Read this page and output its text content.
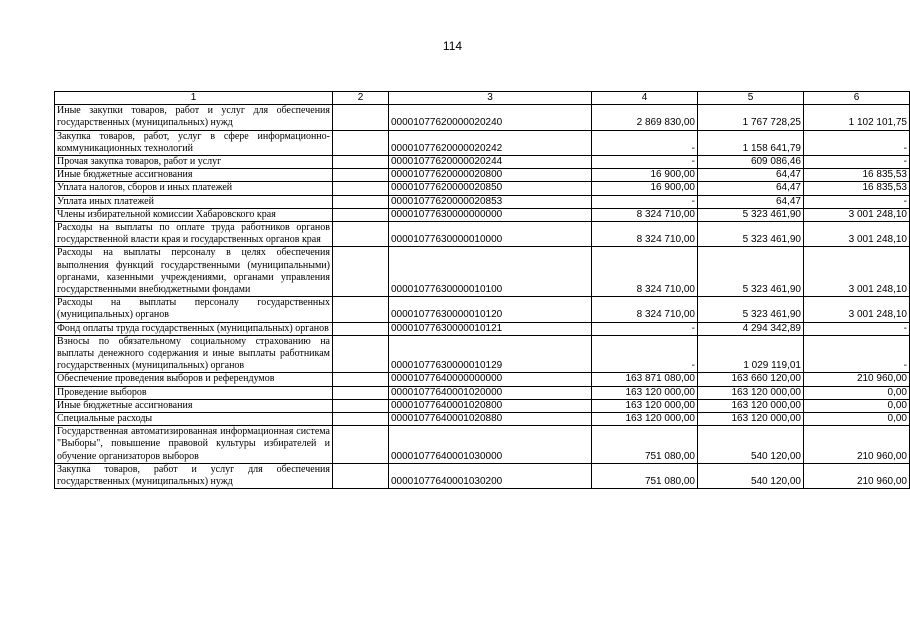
114
1	2	3	4	5	6
Иные закупки товаров, работ и услуг для обеспечения государственных (муниципальных) нужд		00001077620000020240	2 869 830,00	1 767 728,25	1 102 101,75
Закупка товаров, работ, услуг в сфере информационно-коммуникационных технологий		00001077620000020242	-	1 158 641,79	-
Прочая закупка товаров, работ и услуг		00001077620000020244	-	609 086,46	-
Иные бюджетные ассигнования		00001077620000020800	16 900,00	64,47	16 835,53
Уплата налогов, сборов и иных платежей		00001077620000020850	16 900,00	64,47	16 835,53
Уплата иных платежей		00001077620000020853	-	64,47	-
Члены избирательной комиссии Хабаровского края		00001077630000000000	8 324 710,00	5 323 461,90	3 001 248,10
Расходы на выплаты по оплате труда работников органов государственной власти края и государственных органов края		00001077630000010000	8 324 710,00	5 323 461,90	3 001 248,10
Расходы на выплаты персоналу в целях обеспечения выполнения функций государственными (муниципальными) органами, казенными учреждениями, органами управления государственными внебюджетными фондами		00001077630000010100	8 324 710,00	5 323 461,90	3 001 248,10
Расходы на выплаты персоналу государственных (муниципальных) органов		00001077630000010120	8 324 710,00	5 323 461,90	3 001 248,10
Фонд оплаты труда государственных (муниципальных) органов		00001077630000010121	-	4 294 342,89	-
Взносы по обязательному социальному страхованию на выплаты денежного содержания и иные выплаты работникам государственных (муниципальных) органов		00001077630000010129	-	1 029 119,01	-
Обеспечение проведения выборов и референдумов		00001077640000000000	163 871 080,00	163 660 120,00	210 960,00
Проведение выборов		00001077640001020000	163 120 000,00	163 120 000,00	0,00
Иные бюджетные ассигнования		00001077640001020800	163 120 000,00	163 120 000,00	0,00
Специальные расходы		00001077640001020880	163 120 000,00	163 120 000,00	0,00
Государственная автоматизированная информационная система "Выборы", повышение правовой культуры избирателей и обучение организаторов выборов		00001077640001030000	751 080,00	540 120,00	210 960,00
Закупка товаров, работ и услуг для обеспечения государственных (муниципальных) нужд		00001077640001030200	751 080,00	540 120,00	210 960,00
